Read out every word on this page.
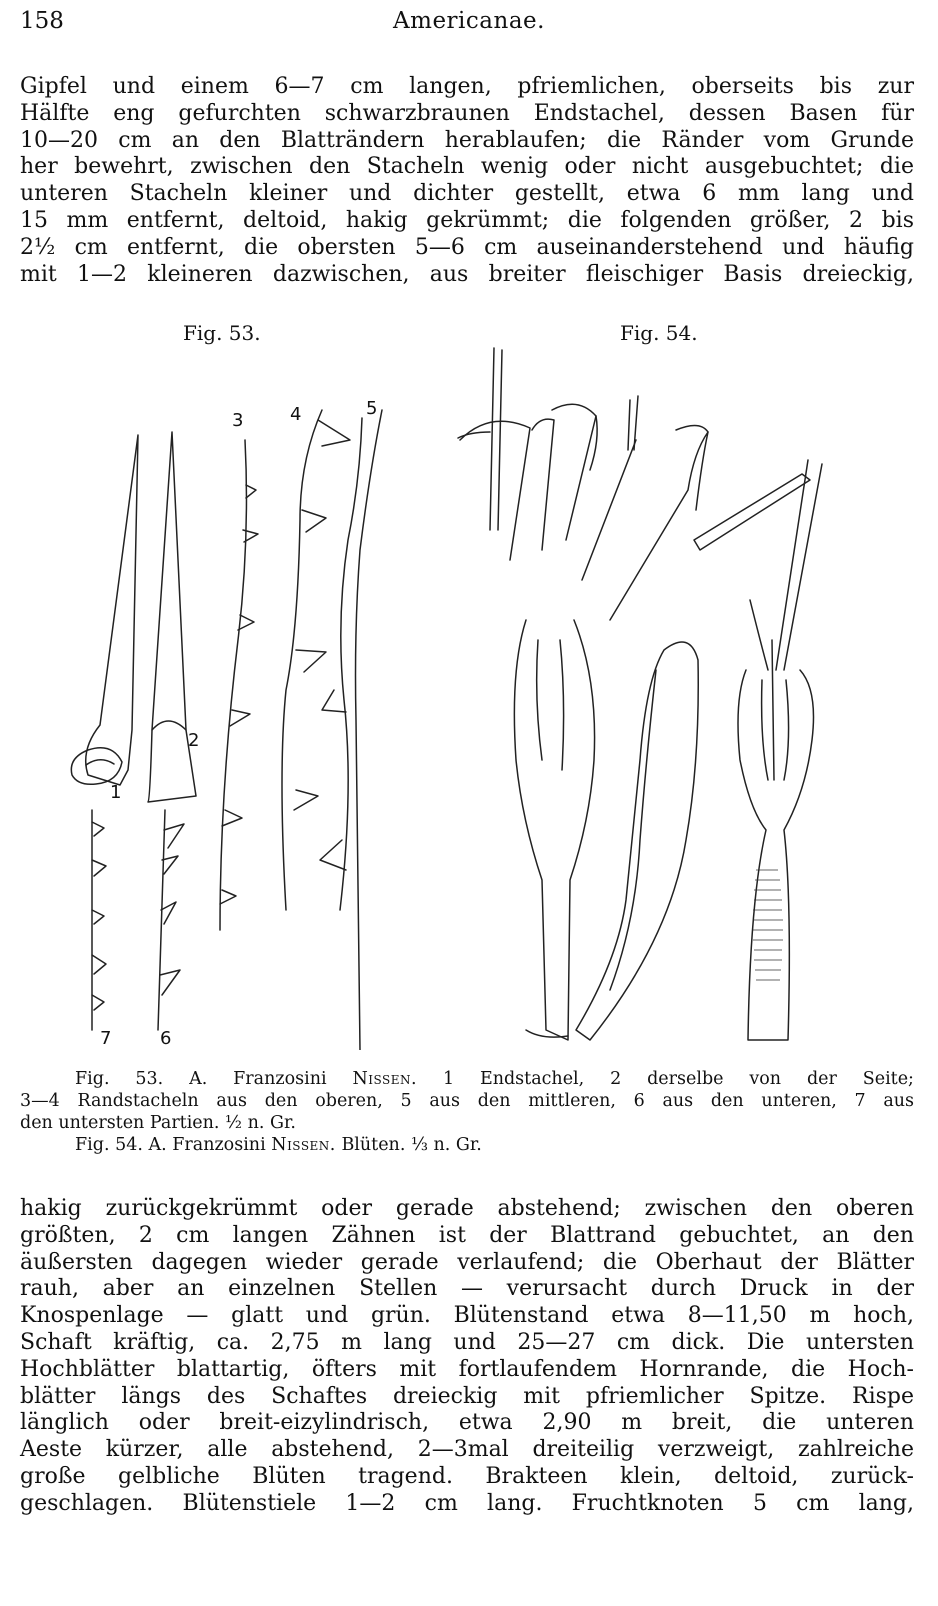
158	Americanae.
Gipfel und einem 6—7 cm langen, pfriemlichen, oberseits bis zur
Hälfte eng gefurchten schwarzbraunen Endstachel, dessen Basen für
10—20 cm an den Blatträndern herablaufen; die Ränder vom Grunde
her bewehrt, zwischen den Stacheln wenig oder nicht ausgebuchtet; die
unteren Stacheln kleiner und dichter gestellt, etwa 6 mm lang und
15 mm entfernt, deltoid, hakig gekrümmt; die folgenden größer, 2 bis
2½ cm entfernt, die obersten 5—6 cm auseinanderstehend und häufig
mit 1—2 kleineren dazwischen, aus breiter fleischiger Basis dreieckig,
Fig. 53.	Fig. 54.
1
2
3	4	5
6
7
Fig. 53. A. Franzosini Nissen. 1 Endstachel, 2 derselbe von der Seite;
3—4 Randstacheln aus den oberen, 5 aus den mittleren, 6 aus den unteren, 7 aus
den untersten Partien. ½ n. Gr.
Fig. 54. A. Franzosini Nissen. Blüten. ⅓ n. Gr.
hakig zurückgekrümmt oder gerade abstehend; zwischen den oberen
größten, 2 cm langen Zähnen ist der Blattrand gebuchtet, an den
äußersten dagegen wieder gerade verlaufend; die Oberhaut der Blätter
rauh, aber an einzelnen Stellen — verursacht durch Druck in der
Knospenlage — glatt und grün. Blütenstand etwa 8—11,50 m hoch,
Schaft kräftig, ca. 2,75 m lang und 25—27 cm dick. Die untersten
Hochblätter blattartig, öfters mit fortlaufendem Hornrande, die Hoch-
blätter längs des Schaftes dreieckig mit pfriemlicher Spitze. Rispe
länglich oder breit-eizylindrisch, etwa 2,90 m breit, die unteren
Aeste kürzer, alle abstehend, 2—3mal dreiteilig verzweigt, zahlreiche
große gelbliche Blüten tragend. Brakteen klein, deltoid, zurück-
geschlagen. Blütenstiele 1—2 cm lang. Fruchtknoten 5 cm lang,
